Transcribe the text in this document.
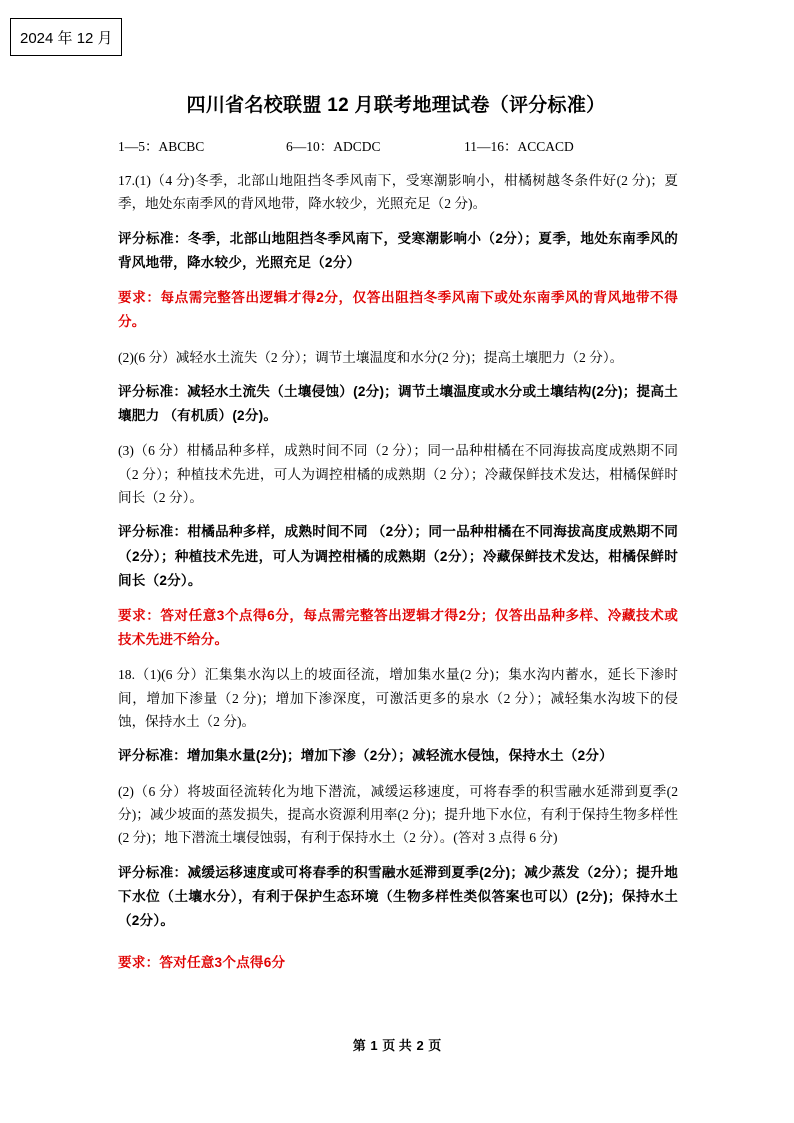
2024 年 12 月
四川省名校联盟 12 月联考地理试卷（评分标准）
1—5：ABCBC	6—10：ADCDC	11—16：ACCACD

17.(1)（4 分)冬季，北部山地阻挡冬季风南下，受寒潮影响小，柑橘树越冬条件好(2 分)；夏季，地处东南季风的背风地带，降水较少，光照充足（2 分)。

评分标准：冬季，北部山地阻挡冬季风南下，受寒潮影响小（2分）；夏季，地处东南季风的背风地带，降水较少，光照充足（2分）

要求：每点需完整答出逻辑才得2分，仅答出阻挡冬季风南下或处东南季风的背风地带不得分。

(2)(6 分）减轻水土流失（2 分）；调节土壤温度和水分(2 分)；提高土壤肥力（2 分）。

评分标准：减轻水土流失（土壤侵蚀）(2分)；调节土壤温度或水分或土壤结构(2分)；提高土壤肥力 （有机质）(2分)。

(3)（6 分）柑橘品种多样，成熟时间不同（2 分）；同一品种柑橘在不同海拔高度成熟期不同（2 分）；种植技术先进，可人为调控柑橘的成熟期（2 分）；冷藏保鲜技术发达，柑橘保鲜时间长（2 分）。

评分标准：柑橘品种多样，成熟时间不同 （2分）；同一品种柑橘在不同海拔高度成熟期不同（2分）；种植技术先进，可人为调控柑橘的成熟期（2分）；冷藏保鲜技术发达，柑橘保鲜时间长（2分）。

要求：答对任意3个点得6分，每点需完整答出逻辑才得2分；仅答出品种多样、冷藏技术或技术先进不给分。

18.（1)(6 分）汇集集水沟以上的坡面径流，增加集水量(2 分)；集水沟内蓄水，延长下渗时间，增加下渗量（2 分)；增加下渗深度，可激活更多的泉水（2 分）；减轻集水沟坡下的侵蚀，保持水土（2 分)。

评分标准：增加集水量(2分)；增加下渗（2分）；减轻流水侵蚀，保持水土（2分）

(2)（6 分）将坡面径流转化为地下潜流，减缓运移速度，可将春季的积雪融水延滞到夏季(2 分)；减少坡面的蒸发损失，提高水资源利用率(2 分)；提升地下水位，有利于保持生物多样性(2 分)；地下潜流土壤侵蚀弱，有利于保持水土（2 分）。(答对 3 点得 6 分)

评分标准：减缓运移速度或可将春季的积雪融水延滞到夏季(2分)；减少蒸发（2分）；提升地下水位（土壤水分），有利于保护生态环境（生物多样性类似答案也可以）(2分)；保持水土（2分）。

要求：答对任意3个点得6分

第 1 页 共 2 页
